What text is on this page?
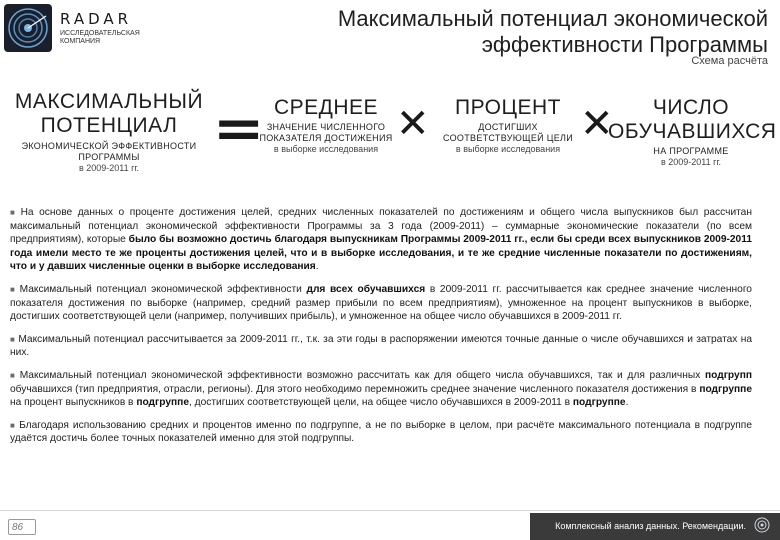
RADAR
ИССЛЕДОВАТЕЛЬСКАЯ КОМПАНИЯ
Максимальный потенциал экономической эффективности Программы
Схема расчёта
МАКСИМАЛЬНЫЙ ПОТЕНЦИАЛ
ЭКОНОМИЧЕСКОЙ ЭФФЕКТИВНОСТИ ПРОГРАММЫ
в 2009-2011 гг.
= СРЕДНЕЕ
ЗНАЧЕНИЕ ЧИСЛЕННОГО ПОКАЗАТЕЛЯ ДОСТИЖЕНИЯ
в выборке исследования
✕	ПРОЦЕНТ
ДОСТИГШИХ СООТВЕТСТВУЮЩЕЙ ЦЕЛИ
в выборке исследования
✕	ЧИСЛО ОБУЧАВШИХСЯ
НА ПРОГРАММЕ
в 2009-2011 гг.

■ На основе данных о проценте достижения целей, средних численных показателей по достижениям и общего числа выпускников был рассчитан максимальный потенциал экономической эффективности Программы за 3 года (2009-2011) – суммарные экономические показатели (по всем предприятиям), которые было бы возможно достичь благодаря выпускникам Программы 2009-2011 гг., если бы среди всех выпускников 2009-2011 года имели место те же проценты достижения целей, что и в выборке исследования, и те же средние численные показатели по достижениям, что и у давших численные оценки в выборке исследования.

■ Максимальный потенциал экономической эффективности для всех обучавшихся в 2009-2011 гг. рассчитывается как среднее значение численного показателя достижения по выборке (например, средний размер прибыли по всем предприятиям), умноженное на процент выпускников в выборке, достигших соответствующей цели (например, получивших прибыль), и умноженное на общее число обучавшихся в 2009-2011 гг.

■ Максимальный потенциал рассчитывается за 2009-2011 гг., т.к. за эти годы в распоряжении имеются точные данные о числе обучавшихся и затратах на них.

■ Максимальный потенциал экономической эффективности возможно рассчитать как для общего числа обучавшихся, так и для различных подгрупп обучавшихся (тип предприятия, отрасли, регионы). Для этого необходимо перемножить среднее значение численного показателя достижения в подгруппе на процент выпускников в подгруппе, достигших соответствующей цели, на общее число обучавшихся в 2009-2011 в подгруппе.

■ Благодаря использованию средних и процентов именно по подгруппе, а не по выборке в целом, при расчёте максимального потенциала в подгруппе удаётся достичь более точных показателей именно для этой подгруппы.

86	Комплексный анализ данных. Рекомендации.
